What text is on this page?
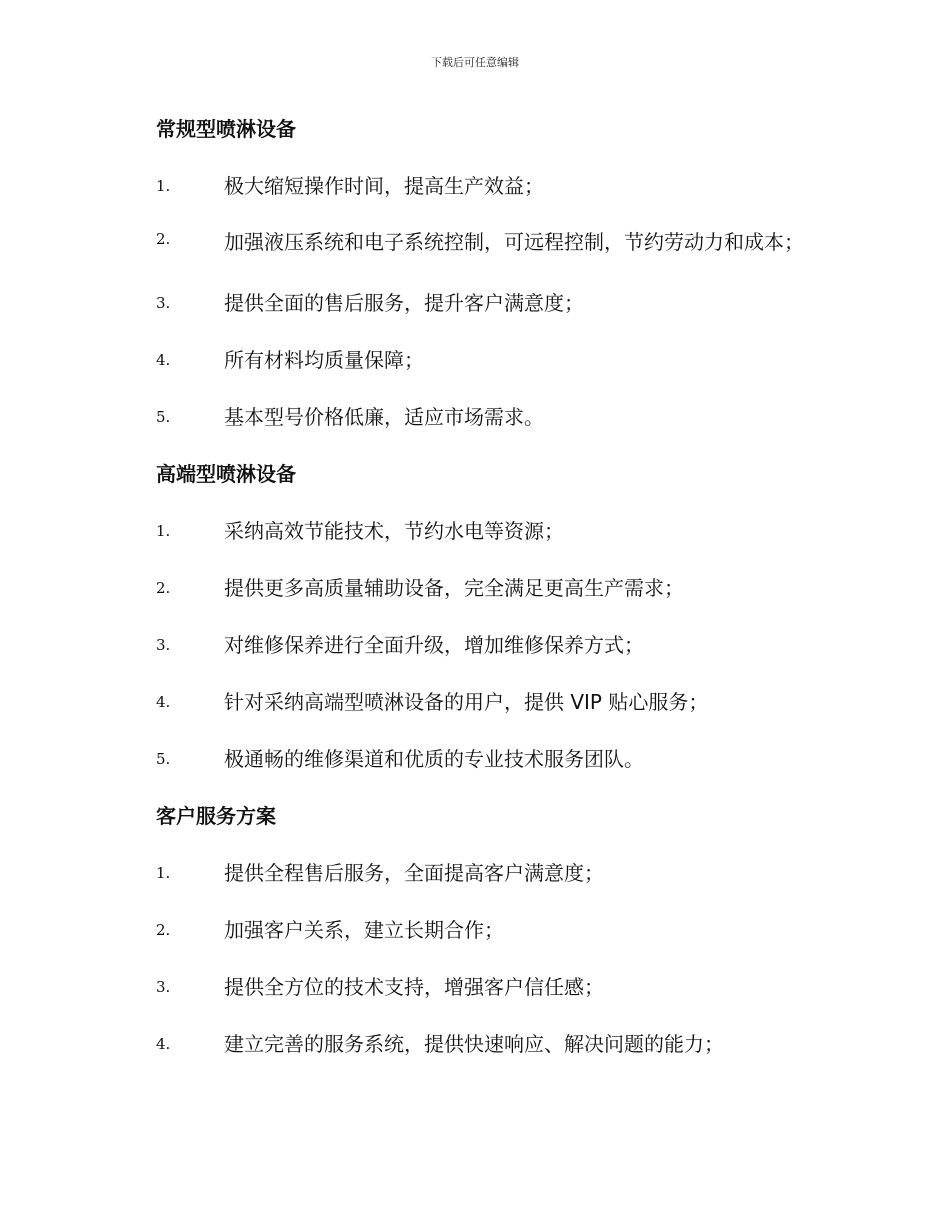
下载后可任意编辑
常规型喷淋设备
1.	极大缩短操作时间，提高生产效益；
2.	加强液压系统和电子系统控制，可远程控制，节约劳动力和成本；
3.	提供全面的售后服务，提升客户满意度；
4.	所有材料均质量保障；
5.	基本型号价格低廉，适应市场需求。
高端型喷淋设备
1.	采纳高效节能技术，节约水电等资源；
2.	提供更多高质量辅助设备，完全满足更高生产需求；
3.	对维修保养进行全面升级，增加维修保养方式；
4.	针对采纳高端型喷淋设备的用户，提供 VIP 贴心服务；
5.	极通畅的维修渠道和优质的专业技术服务团队。
客户服务方案
1.	提供全程售后服务，全面提高客户满意度；
2.	加强客户关系，建立长期合作；
3.	提供全方位的技术支持，增强客户信任感；
4.	建立完善的服务系统，提供快速响应、解决问题的能力；
